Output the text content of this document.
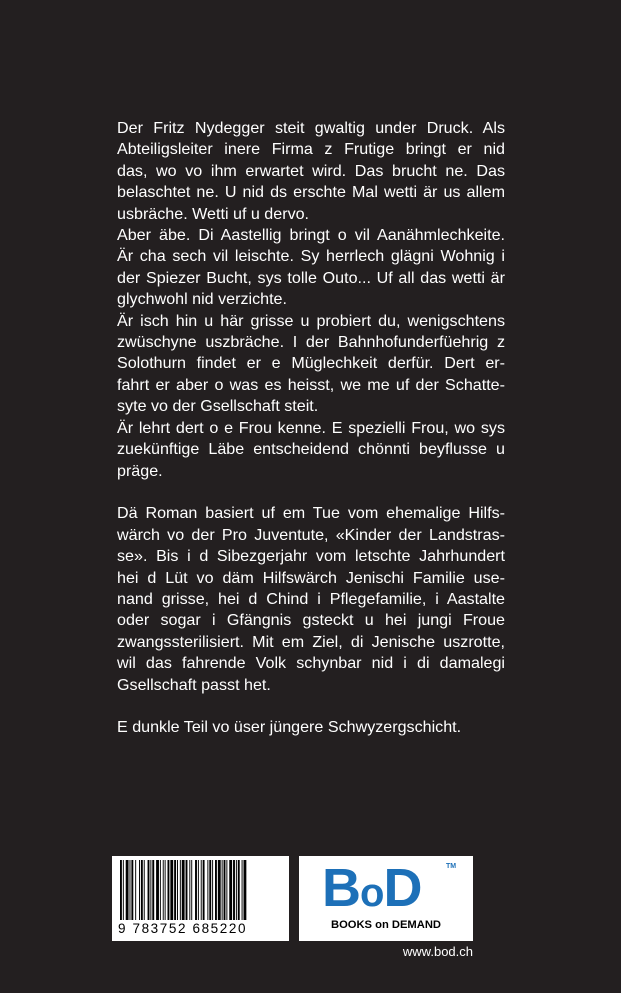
Der Fritz Nydegger steit gwaltig under Druck. Als
Abteiligsleiter inere Firma z Frutige bringt er nid
das, wo vo ihm erwartet wird. Das brucht ne. Das
belaschtet ne. U nid ds erschte Mal wetti är us allem
usbräche. Wetti uf u dervo.
Aber äbe. Di Aastellig bringt o vil Aanähmlechkeite.
Är cha sech vil leischte. Sy herrlech glägni Wohnig i
der Spiezer Bucht, sys tolle Outo... Uf all das wetti är
glychwohl nid verzichte.
Är isch hin u här grisse u probiert du, wenigschtens
zwüschyne uszbräche. I der Bahnhofunderfüehrig z
Solothurn findet er e Müglechkeit derfür. Dert er-
fahrt er aber o was es heisst, we me uf der Schatte-
syte vo der Gsellschaft steit.
Är lehrt dert o e Frou kenne. E spezielli Frou, wo sys
zuekünftige Läbe entscheidend chönnti beyflusse u
präge.

Dä Roman basiert uf em Tue vom ehemalige Hilfs-
wärch vo der Pro Juventute, «Kinder der Landstras-
se». Bis i d Sibezgerjahr vom letschte Jahrhundert
hei d Lüt vo däm Hilfswärch Jenischi Familie use-
nand grisse, hei d Chind i Pflegefamilie, i Aastalte
oder sogar i Gfängnis gsteckt u hei jungi Froue
zwangssterilisiert. Mit em Ziel, di Jenische uszrotte,
wil das fahrende Volk schynbar nid i di damalegi
Gsellschaft passt het.

E dunkle Teil vo üser jüngere Schwyzergschicht.

9 783752 685220
BoD	TM
BOOKS on DEMAND
www.bod.ch
